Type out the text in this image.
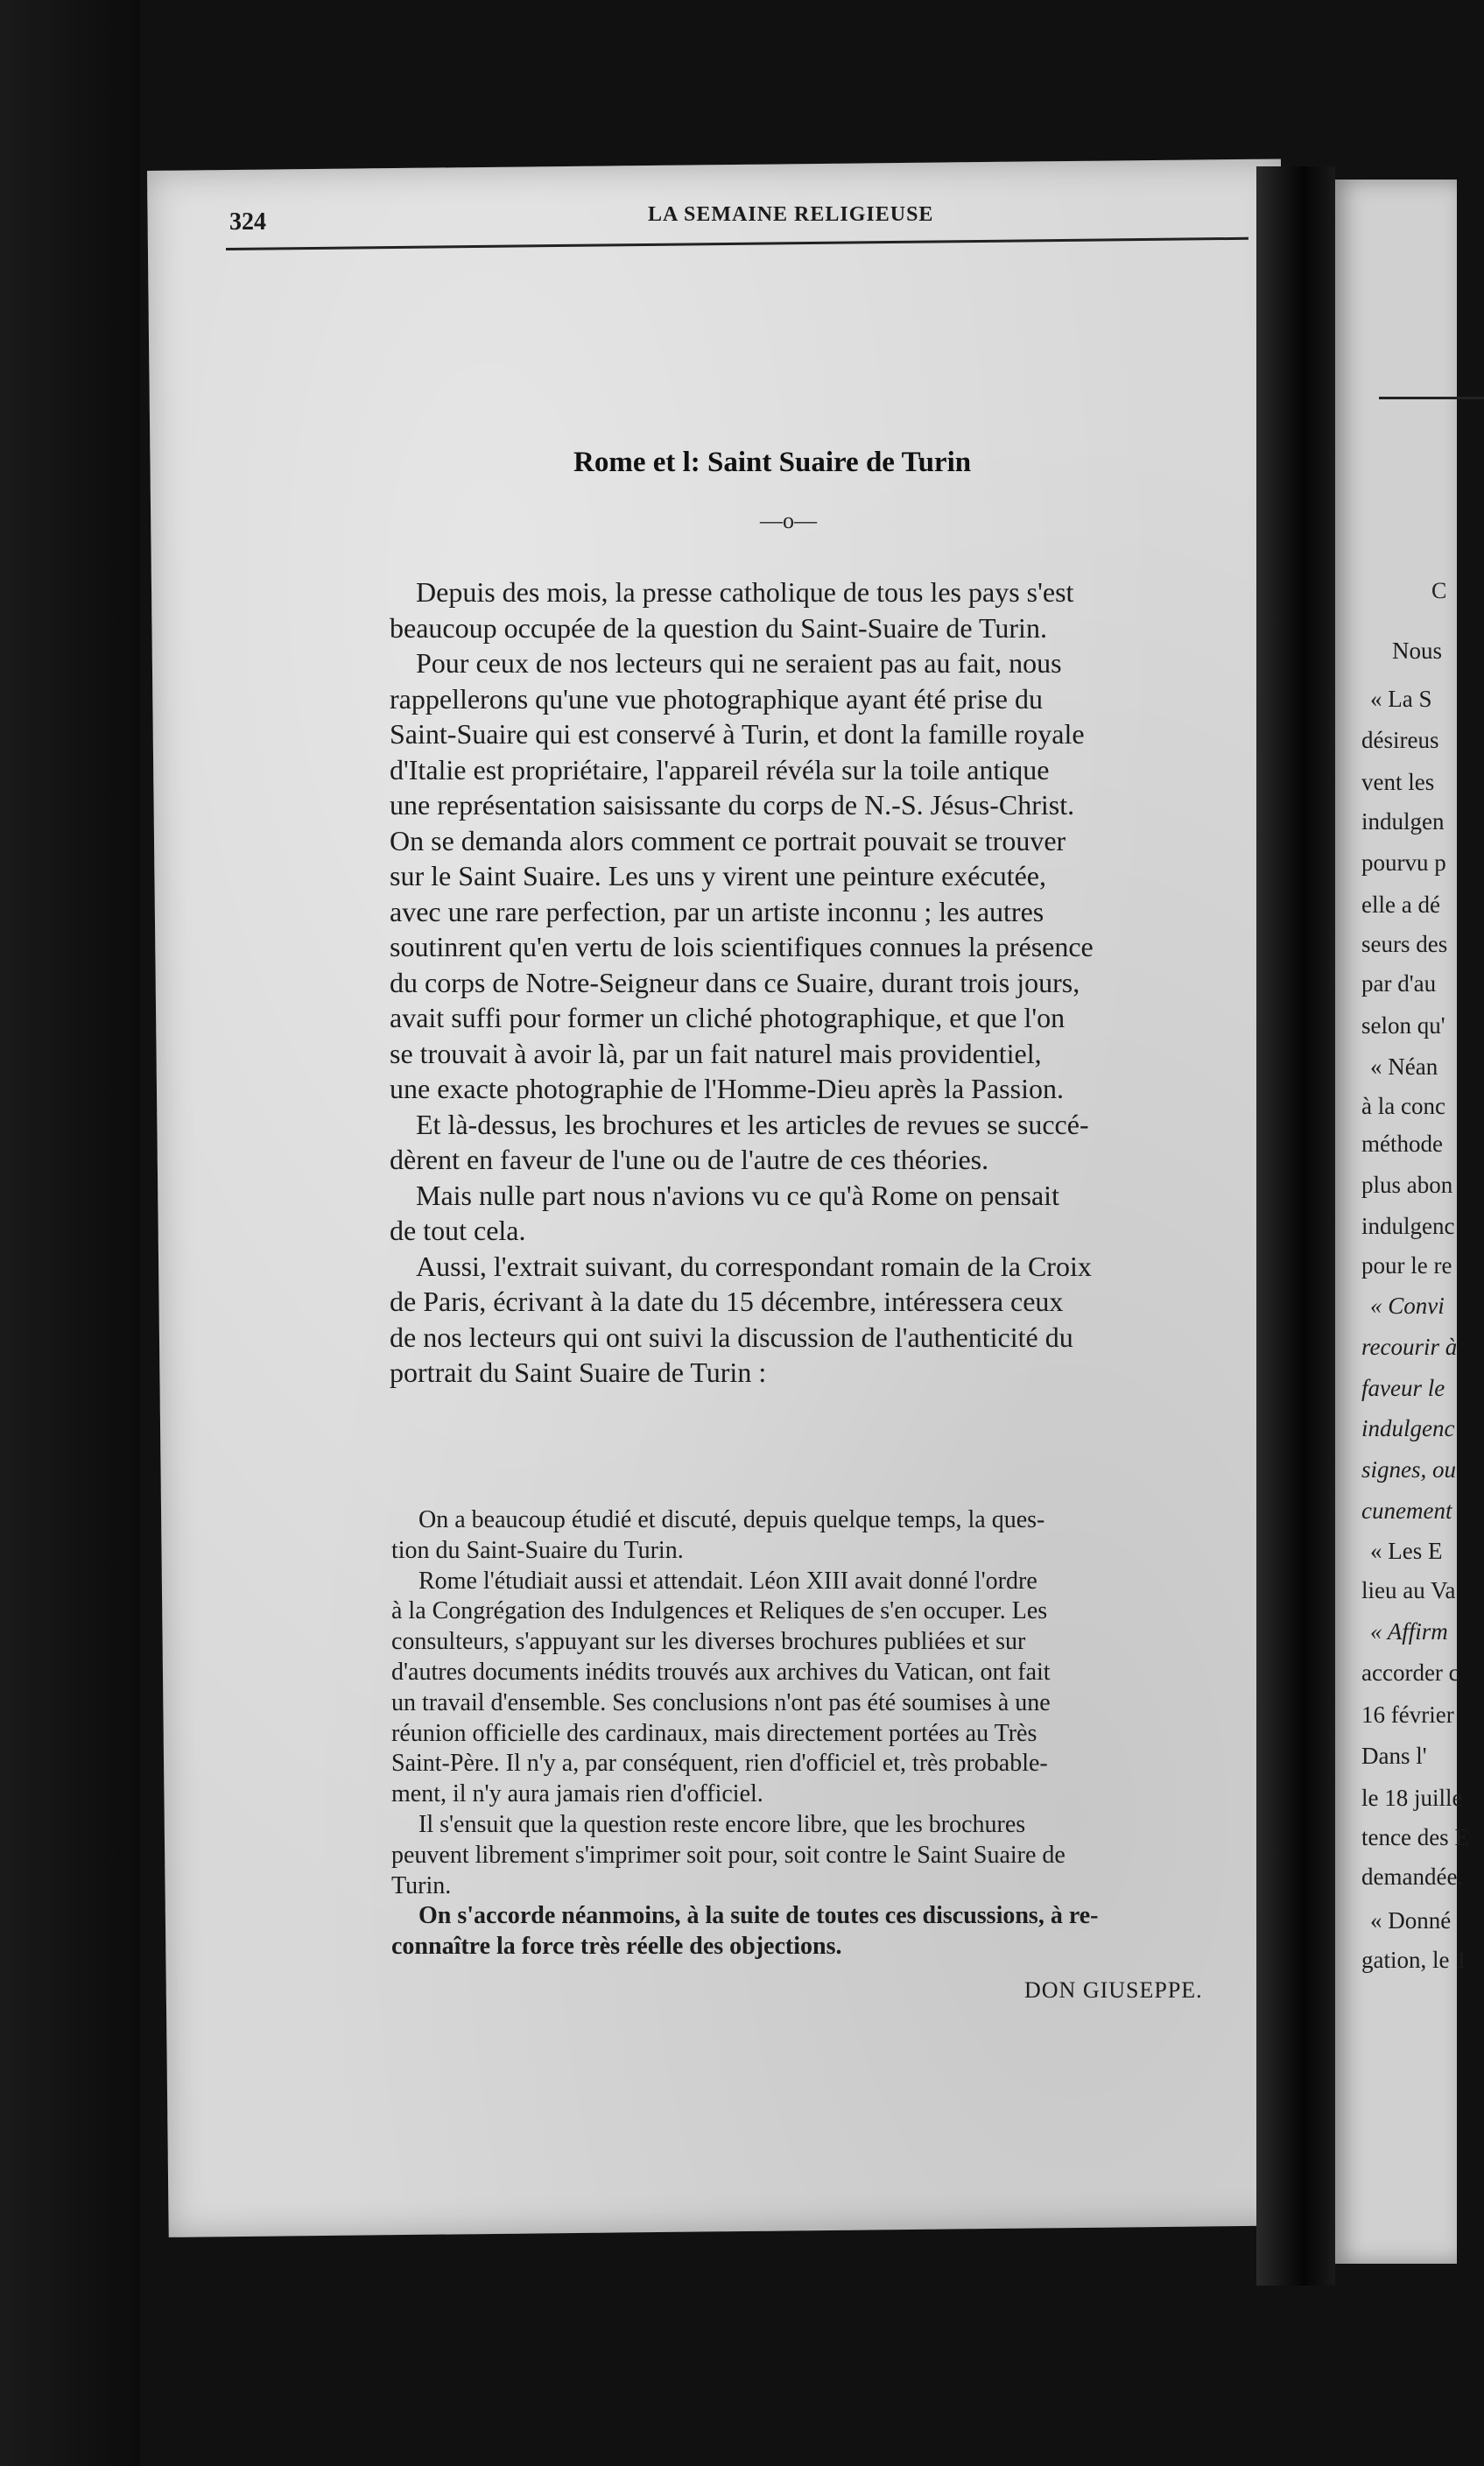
C
Nous
« La S
désireus
vent les
indulgen
pourvu p
elle a dé
seurs des
par d'au
selon qu'
« Néan
à la conc
méthode
plus abon
indulgenc
pour le re
« Convi
recourir à
faveur le
indulgenc
signes, ou
cunement
« Les E
lieu au Va
« Affirm
accorder c
16 février
Dans l'
le 18 juille
tence des E
demandée.
« Donné
gation, le 1
324	LA SEMAINE RELIGIEUSE
Rome et l: Saint Suaire de Turin
—o—
Depuis des mois, la presse catholique de tous les pays s'est
beaucoup occupée de la question du Saint-Suaire de Turin.
Pour ceux de nos lecteurs qui ne seraient pas au fait, nous
rappellerons qu'une vue photographique ayant été prise du
Saint-Suaire qui est conservé à Turin, et dont la famille royale
d'Italie est propriétaire, l'appareil révéla sur la toile antique
une représentation saisissante du corps de N.-S. Jésus-Christ.
On se demanda alors comment ce portrait pouvait se trouver
sur le Saint Suaire. Les uns y virent une peinture exécutée,
avec une rare perfection, par un artiste inconnu ; les autres
soutinrent qu'en vertu de lois scientifiques connues la présence
du corps de Notre-Seigneur dans ce Suaire, durant trois jours,
avait suffi pour former un cliché photographique, et que l'on
se trouvait à avoir là, par un fait naturel mais providentiel,
une exacte photographie de l'Homme-Dieu après la Passion.
Et là-dessus, les brochures et les articles de revues se succé-
dèrent en faveur de l'une ou de l'autre de ces théories.
Mais nulle part nous n'avions vu ce qu'à Rome on pensait
de tout cela.
Aussi, l'extrait suivant, du correspondant romain de la Croix
de Paris, écrivant à la date du 15 décembre, intéressera ceux
de nos lecteurs qui ont suivi la discussion de l'authenticité du
portrait du Saint Suaire de Turin :
On a beaucoup étudié et discuté, depuis quelque temps, la ques-
tion du Saint-Suaire du Turin.
Rome l'étudiait aussi et attendait. Léon XIII avait donné l'ordre
à la Congrégation des Indulgences et Reliques de s'en occuper. Les
consulteurs, s'appuyant sur les diverses brochures publiées et sur
d'autres documents inédits trouvés aux archives du Vatican, ont fait
un travail d'ensemble. Ses conclusions n'ont pas été soumises à une
réunion officielle des cardinaux, mais directement portées au Très
Saint-Père. Il n'y a, par conséquent, rien d'officiel et, très probable-
ment, il n'y aura jamais rien d'officiel.
Il s'ensuit que la question reste encore libre, que les brochures
peuvent librement s'imprimer soit pour, soit contre le Saint Suaire de
Turin.
On s'accorde néanmoins, à la suite de toutes ces discussions, à re-
connaître la force très réelle des objections.
DON GIUSEPPE.
